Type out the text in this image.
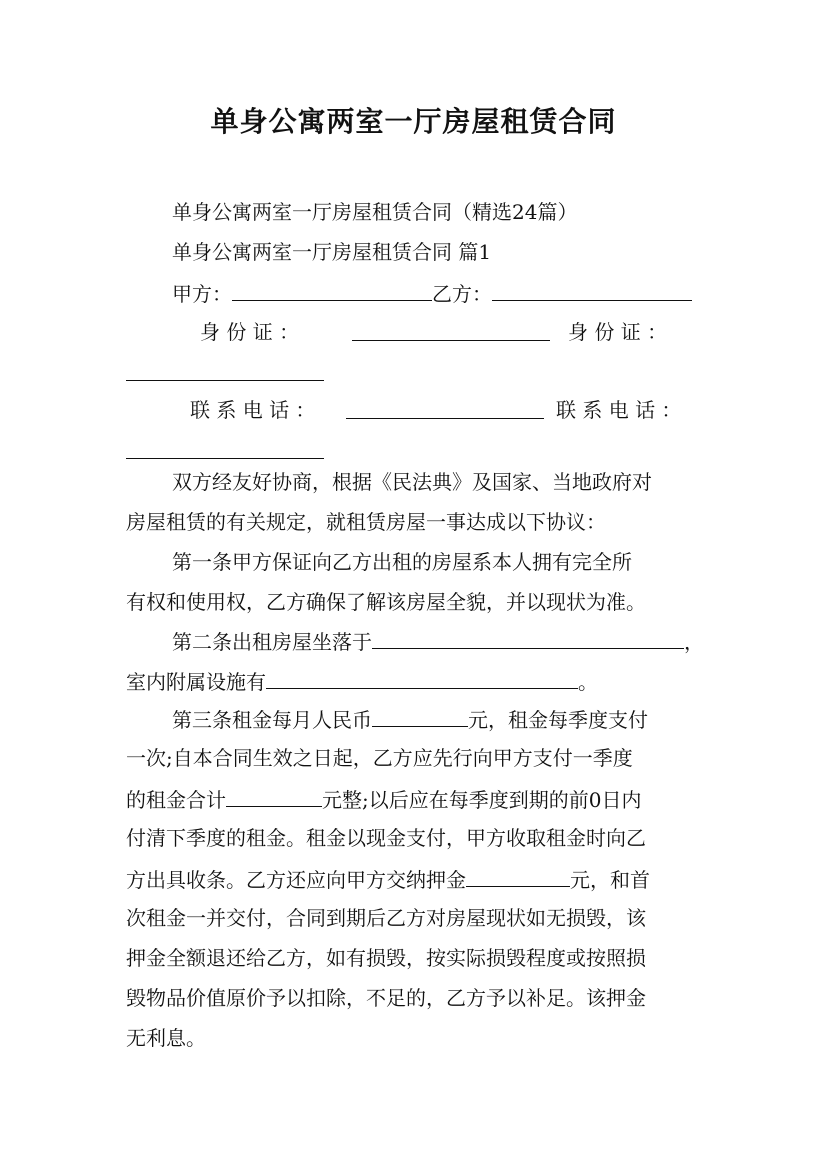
单身公寓两室一厅房屋租赁合同
单身公寓两室一厅房屋租赁合同（精选24篇）
单身公寓两室一厅房屋租赁合同 篇1
甲方：	乙方：
身 份 证 ：	身 份 证 ：
联 系 电 话 ：	联 系 电 话 ：
双方经友好协商，根据《民法典》及国家、当地政府对
房屋租赁的有关规定，就租赁房屋一事达成以下协议：
第一条甲方保证向乙方出租的房屋系本人拥有完全所
有权和使用权，乙方确保了解该房屋全貌，并以现状为准。
第二条出租房屋坐落于	，
室内附属设施有	。
第三条租金每月人民币	元，租金每季度支付
一次;自本合同生效之日起，乙方应先行向甲方支付一季度
的租金合计	元整;以后应在每季度到期的前0日内
付清下季度的租金。租金以现金支付，甲方收取租金时向乙
方出具收条。乙方还应向甲方交纳押金	元，和首
次租金一并交付，合同到期后乙方对房屋现状如无损毁，该
押金全额退还给乙方，如有损毁，按实际损毁程度或按照损
毁物品价值原价予以扣除，不足的，乙方予以补足。该押金
无利息。
